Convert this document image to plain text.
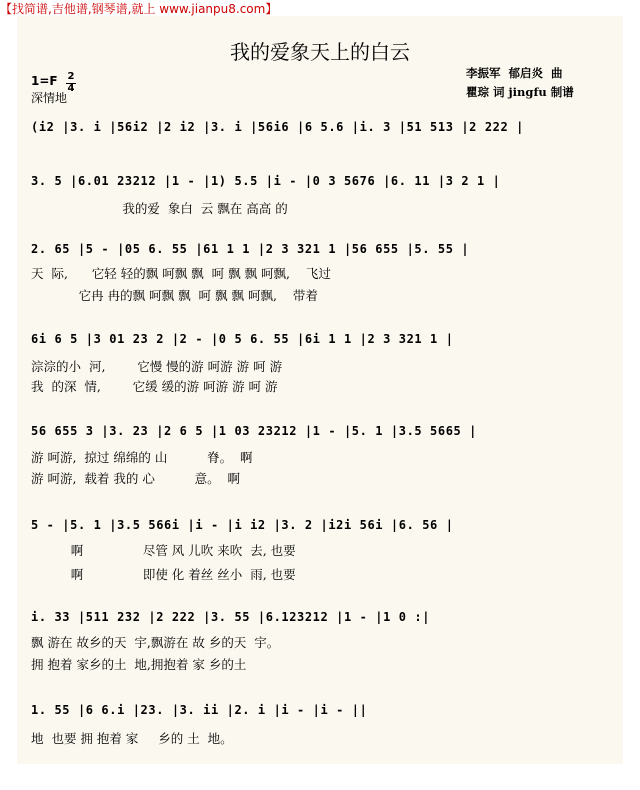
【找简谱,吉他谱,钢琴谱,就上 www.jianpu8.com】
我的爱象天上的白云
李振军  郁启炎  曲
瞿琮 词 jingfu 制谱
1=F 2
4
深情地
(i2 |3. i |56i2 |2 i2 |3. i |56i6 |6 5.6 |i. 3 |51 513 |2 222 |
3. 5 |6.01 23212 |1 - |1) 5.5 |i - |0 3 5676 |6. 11 |3 2 1 |
我的爱  象白  云 飘在 高高 的
2. 65 |5 - |05 6. 55 |61 1 1 |2 3 321 1 |56 655 |5. 55 |
天  际,      它轻 轻的飘 呵飘 飘  呵 飘 飘 呵飘,    飞过
它冉 冉的飘 呵飘 飘  呵 飘 飘 呵飘,    带着
6i 6 5 |3 01 23 2 |2 - |0 5 6. 55 |6i 1 1 |2 3 321 1 |
淙淙的小  河,        它慢 慢的游 呵游 游 呵 游
我  的深  情,        它缓 缓的游 呵游 游 呵 游
56 655 3 |3. 23 |2 6 5 |1 03 23212 |1 - |5. 1 |3.5 5665 |
游 呵游,  掠过 绵绵的 山          脊。  啊
游 呵游,  载着 我的 心          意。  啊
5 - |5. 1 |3.5 566i |i - |i i2 |3. 2 |i2i 56i |6. 56 |
啊               尽管 风 儿吹 来吹  去, 也要
啊               即使 化 着丝 丝小  雨, 也要
i. 33 |511 232 |2 222 |3. 55 |6.123212 |1 - |1 0 :|
飘 游在 故乡的天  宇,飘游在 故 乡的天  宇。
拥 抱着 家乡的土  地,拥抱着 家 乡的土
1. 55 |6 6.i |23. |3. ii |2. i |i - |i - ||
地  也要 拥 抱着 家     乡的 土  地。
